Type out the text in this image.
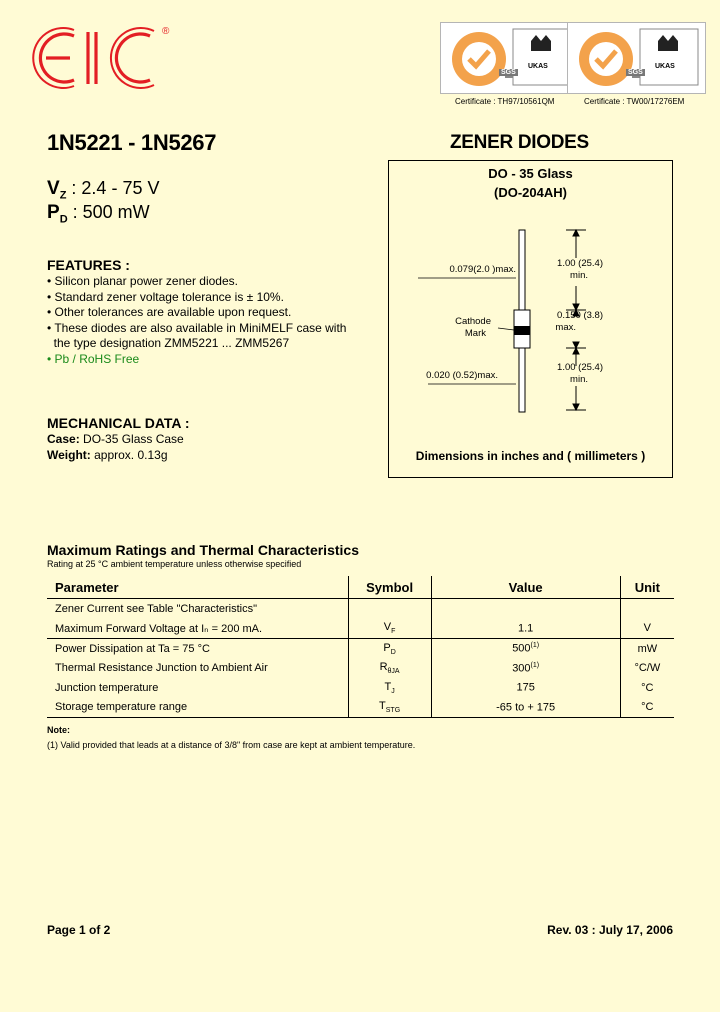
®
SGS
UKAS
SGS
UKAS
Certificate : TH97/10561QM	Certificate : TW00/17276EM
1N5221 - 1N5267	ZENER DIODES
$V_Z$ : 2.4 - 75 V
$P_D$ : 500 mW
FEATURES :
• Silicon planar power zener diodes.
• Standard zener voltage tolerance is ± 10%.
• Other tolerances are available upon request.
• These diodes are also available in MiniMELF case with
the type designation ZMM5221 ... ZMM5267
• Pb / RoHS Free
MECHANICAL DATA :
Case: DO-35 Glass Case
Weight: approx. 0.13g
DO - 35 Glass
(DO-204AH)
0.079(2.0 )max.
1.00 (25.4)
min.
0.150 (3.8)
max.
Cathode
Mark
0.020 (0.52)max.
1.00 (25.4)
min.
Dimensions in inches and ( millimeters )
Maximum Ratings and Thermal Characteristics
Rating at 25 °C ambient temperature unless otherwise specified
Parameter	Symbol	Value	Unit
Zener Current see Table "Characteristics"			
Maximum Forward Voltage at Iₙ = 200 mA.	$V_F$	1.1	V
Power Dissipation at Ta = 75 °C	$P_D$	500$^{(1)}$	mW
Thermal Resistance Junction to Ambient Air	$R_{\theta JA}$	300$^{(1)}$	°C/W
Junction temperature	$T_J$	175	°C
Storage temperature range	$T_{STG}$	-65 to + 175	°C
Note:
(1) Valid provided that leads at a distance of 3/8" from case are kept at ambient temperature.
Page 1 of 2	Rev. 03 : July 17, 2006
